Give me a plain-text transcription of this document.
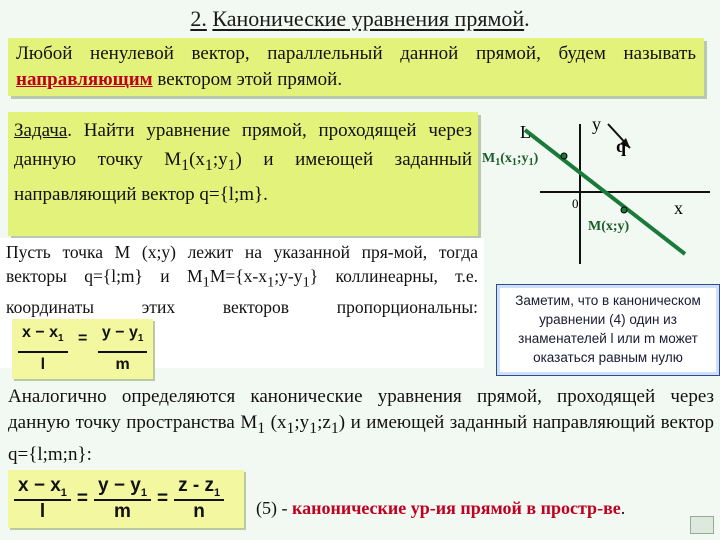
2. Канонические уравнения прямой.
Любой ненулевой вектор, параллельный данной прямой, будем называть направляющим вектором этой прямой.
Задача. Найти уравнение прямой, проходящей через данную точку $М_1(x_1;y_1)$ и имеющей заданный направляющий вектор q={l;m}.
L	y
q
$M_1(x_1;y_1)$
0
M(x;y)
x
Пусть точка М (x;y) лежит на указанной пря-мой, тогда векторы q={l;m} и $М_1М=\{x-x_1;y-y_1\}$ коллинеарны, т.е. координаты этих векторов пропорциональны:
$\frac{x - x_1}{l} = \frac{y - y_1}{m}$
Заметим, что в каноническом уравнении (4) один из знаменателей l или m может оказаться равным нулю
Аналогично определяются канонические уравнения прямой, проходящей через данную точку пространства $М_1$ $(x_1;y_1;z_1)$ и имеющей заданный направляющий вектор q={l;m;n}:
$\frac{x - x_1}{l} = \frac{y - y_1}{m} = \frac{z - z_1}{n} (5)$ - канонические ур-ия прямой в простр-ве.
